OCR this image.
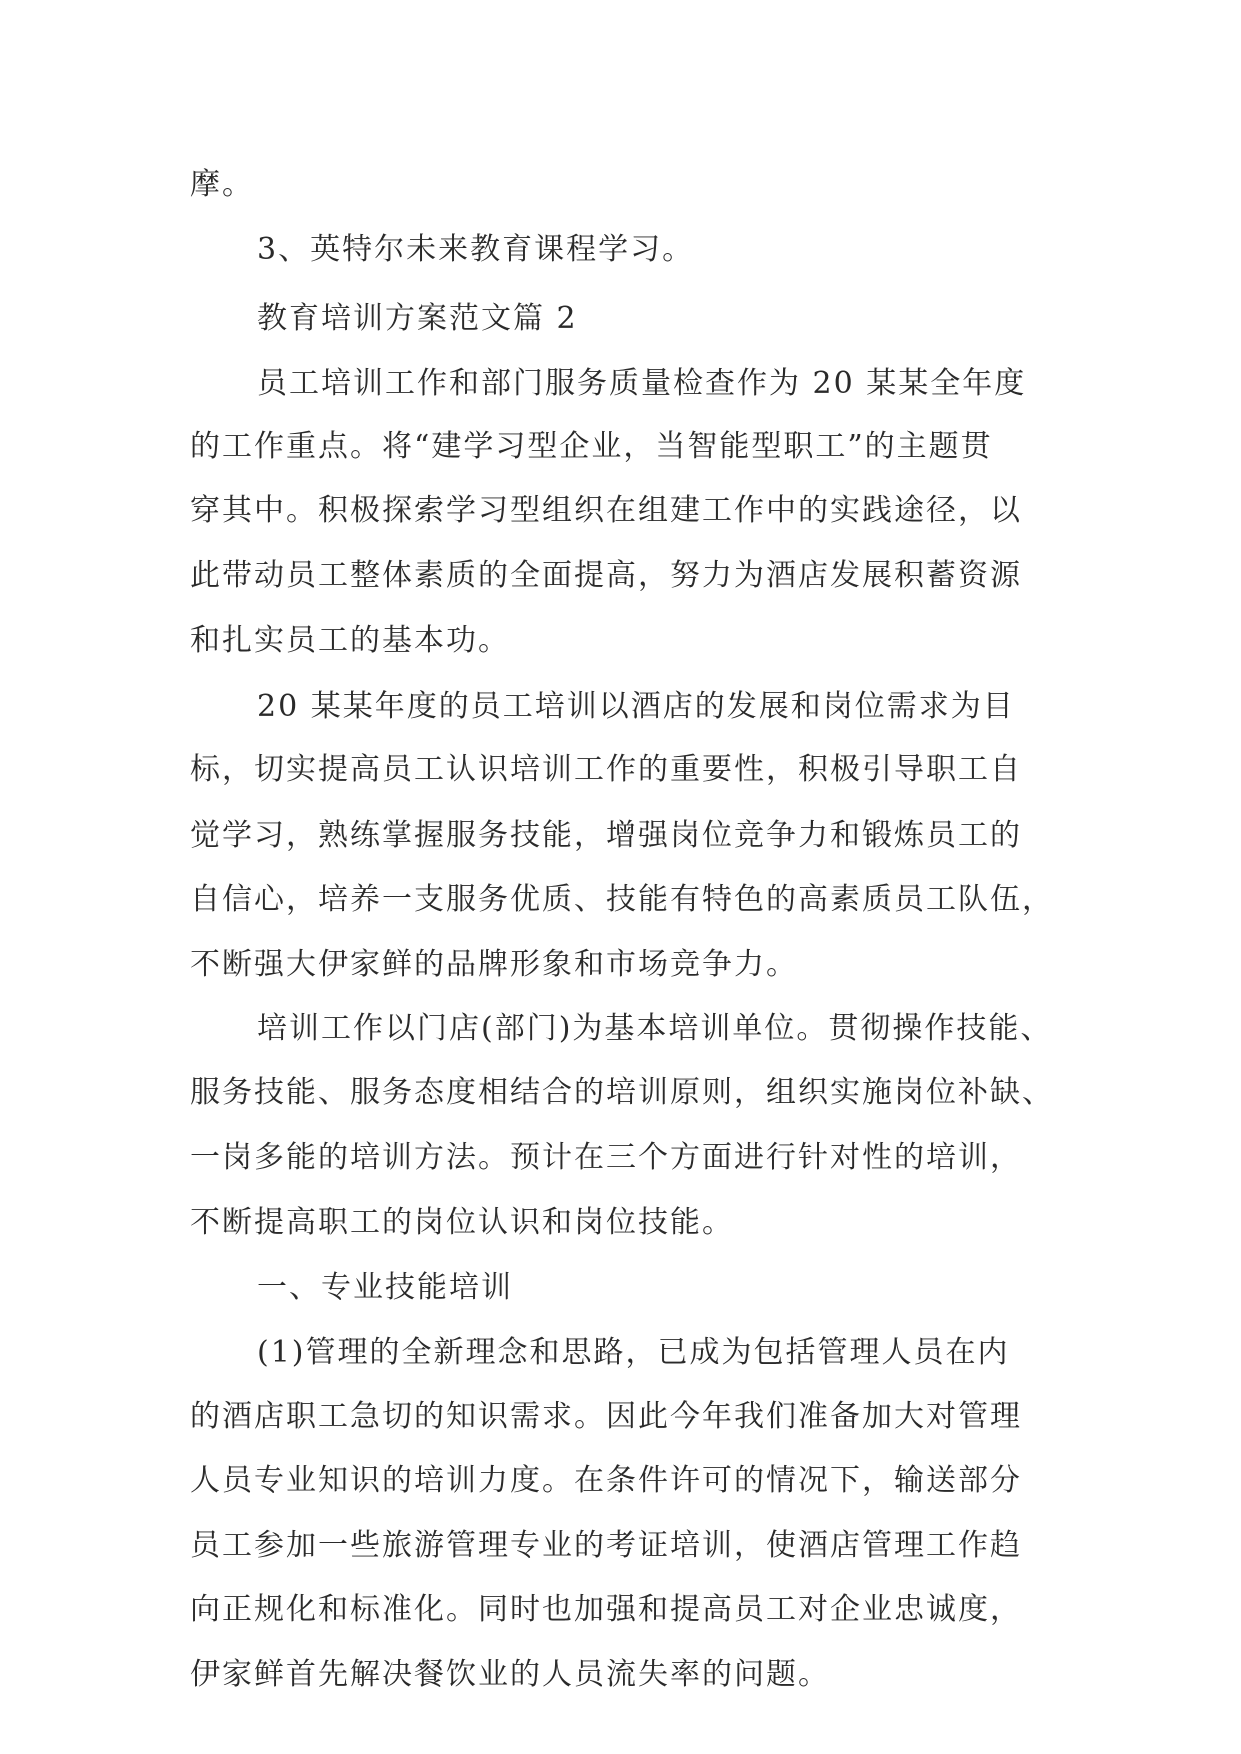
摩。
3、英特尔未来教育课程学习。
教育培训方案范文篇 2
员工培训工作和部门服务质量检查作为 20 某某全年度
的工作重点。将“建学习型企业，当智能型职工”的主题贯
穿其中。积极探索学习型组织在组建工作中的实践途径，以
此带动员工整体素质的全面提高，努力为酒店发展积蓄资源
和扎实员工的基本功。
20 某某年度的员工培训以酒店的发展和岗位需求为目
标，切实提高员工认识培训工作的重要性，积极引导职工自
觉学习，熟练掌握服务技能，增强岗位竞争力和锻炼员工的
自信心，培养一支服务优质、技能有特色的高素质员工队伍，
不断强大伊家鲜的品牌形象和市场竞争力。
培训工作以门店(部门)为基本培训单位。贯彻操作技能、
服务技能、服务态度相结合的培训原则，组织实施岗位补缺、
一岗多能的培训方法。预计在三个方面进行针对性的培训，
不断提高职工的岗位认识和岗位技能。
一、专业技能培训
(1)管理的全新理念和思路，已成为包括管理人员在内
的酒店职工急切的知识需求。因此今年我们准备加大对管理
人员专业知识的培训力度。在条件许可的情况下，输送部分
员工参加一些旅游管理专业的考证培训，使酒店管理工作趋
向正规化和标准化。同时也加强和提高员工对企业忠诚度，
伊家鲜首先解决餐饮业的人员流失率的问题。
